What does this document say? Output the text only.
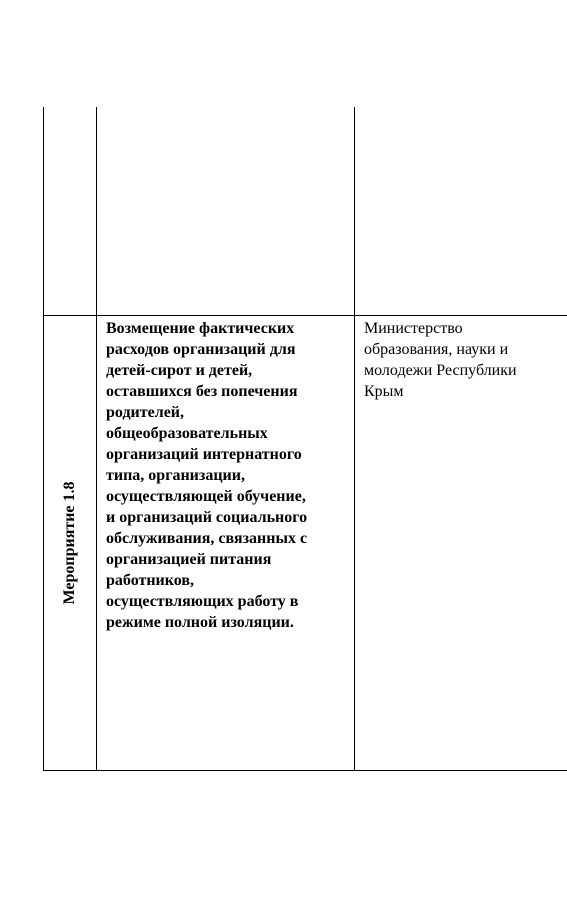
Мероприятие 1.8
Возмещение фактических
расходов организаций для
детей-сирот и детей,
оставшихся без попечения
родителей,
общеобразовательных
организаций интернатного
типа, организации,
осуществляющей обучение,
и организаций социального
обслуживания, связанных с
организацией питания
работников,
осуществляющих работу в
режиме полной изоляции.
Министерство
образования, науки и
молодежи Республики
Крым
